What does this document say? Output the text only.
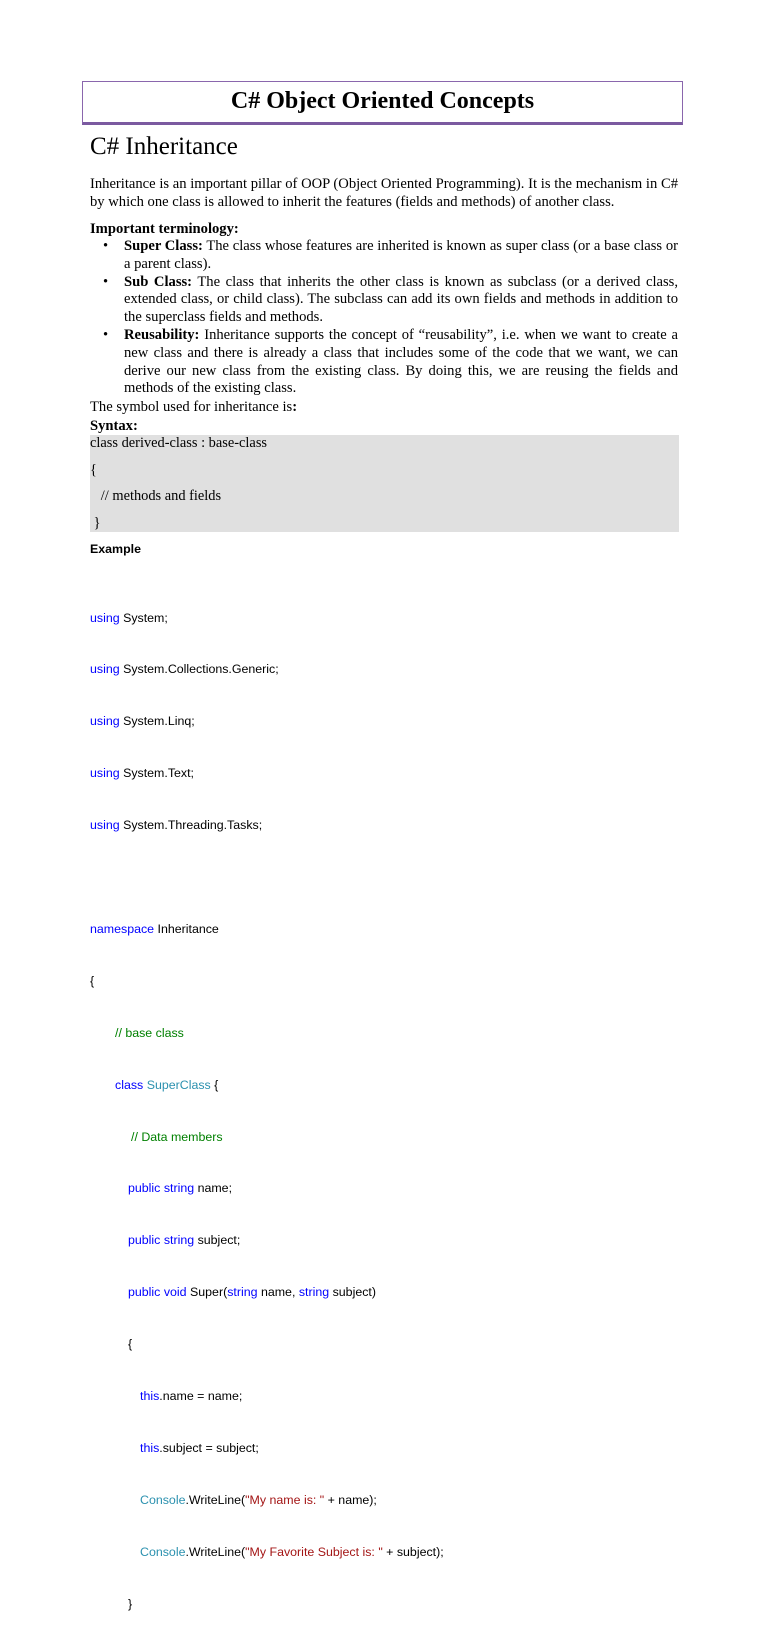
C# Object Oriented Concepts
C# Inheritance

Inheritance is an important pillar of OOP (Object Oriented Programming). It is the mechanism in C# by which one class is allowed to inherit the features (fields and methods) of another class.

Important terminology:

• Super Class: The class whose features are inherited is known as super class (or a base class or a parent class).
• Sub Class: The class that inherits the other class is known as subclass (or a derived class, extended class, or child class). The subclass can add its own fields and methods in addition to the superclass fields and methods.
• Reusability: Inheritance supports the concept of “reusability”, i.e. when we want to create a new class and there is already a class that includes some of the code that we want, we can derive our new class from the existing class. By doing this, we are reusing the fields and methods of the existing class.

The symbol used for inheritance is:

Syntax:

class derived-class : base-class
{
// methods and fields
}

Example

using System;

using System.Collections.Generic;

using System.Linq;

using System.Text;

using System.Threading.Tasks;

namespace Inheritance

{

// base class

class SuperClass {

// Data members

public string name;

public string subject;

public void Super(string name, string subject)

{

this.name = name;

this.subject = subject;

Console.WriteLine("My name is: " + name);

Console.WriteLine("My Favorite Subject is: " + subject);

}
